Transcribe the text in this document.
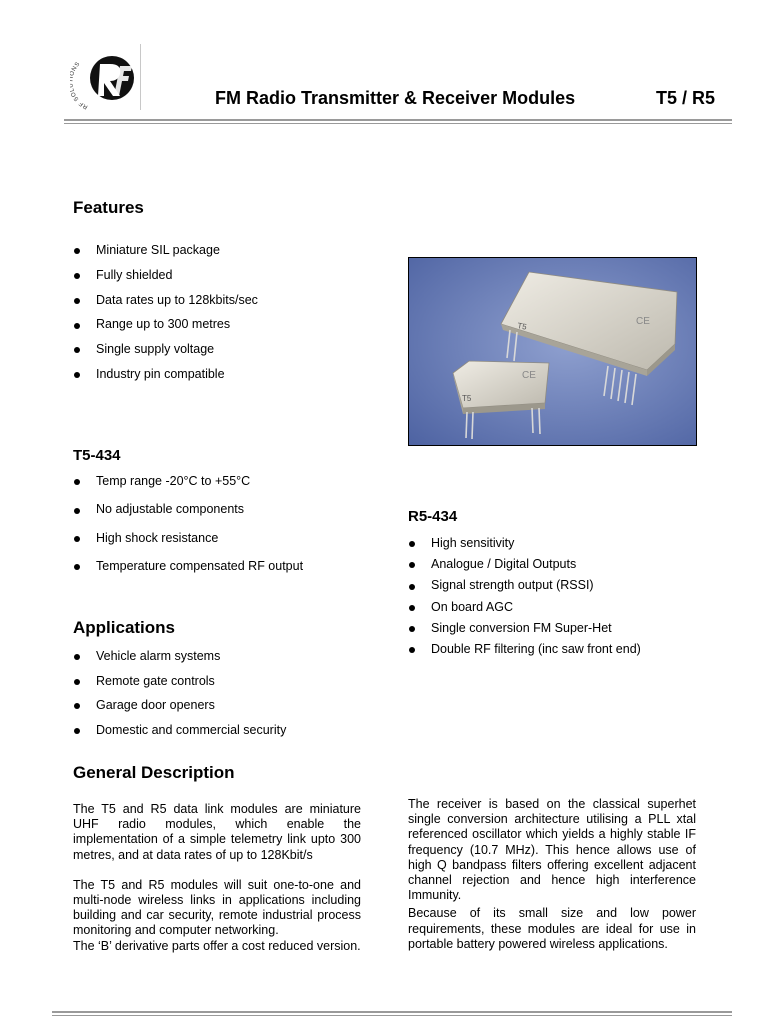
RF SO NS
FM Radio Transmitter & Receiver Modules	T5 / R5
Features
Miniature SIL package
Fully shielded
Data rates up to 128kbits/sec
Range up to 300 metres
Single supply voltage
Industry pin compatible
T5	CE
T5
CE
T5-434
Temp range -20°C to +55°C
No adjustable components
High shock resistance
Temperature compensated RF output
R5-434
High sensitivity
Analogue / Digital Outputs
Signal strength output (RSSI)
On board AGC
Single conversion FM Super-Het
Double RF filtering (inc saw front end)
Applications
Vehicle alarm systems
Remote gate controls
Garage door openers
Domestic and commercial security
General Description

The T5 and R5 data link modules are miniature UHF radio modules, which enable the implementation of a simple telemetry link upto 300 metres, and at data rates of up to 128Kbit/s

The T5 and R5 modules will suit one-to-one and multi-node wireless links in applications including building and car security, remote industrial process monitoring and computer networking.

The ‘B’ derivative parts offer a cost reduced version.

The receiver is based on the classical superhet single conversion architecture utilising a PLL xtal referenced oscillator which yields a highly stable IF frequency (10.7 MHz). This hence allows use of high Q bandpass filters offering excellent adjacent channel rejection and hence high interference Immunity.

Because of its small size and low power requirements, these modules are ideal for use in portable battery powered wireless applications.
